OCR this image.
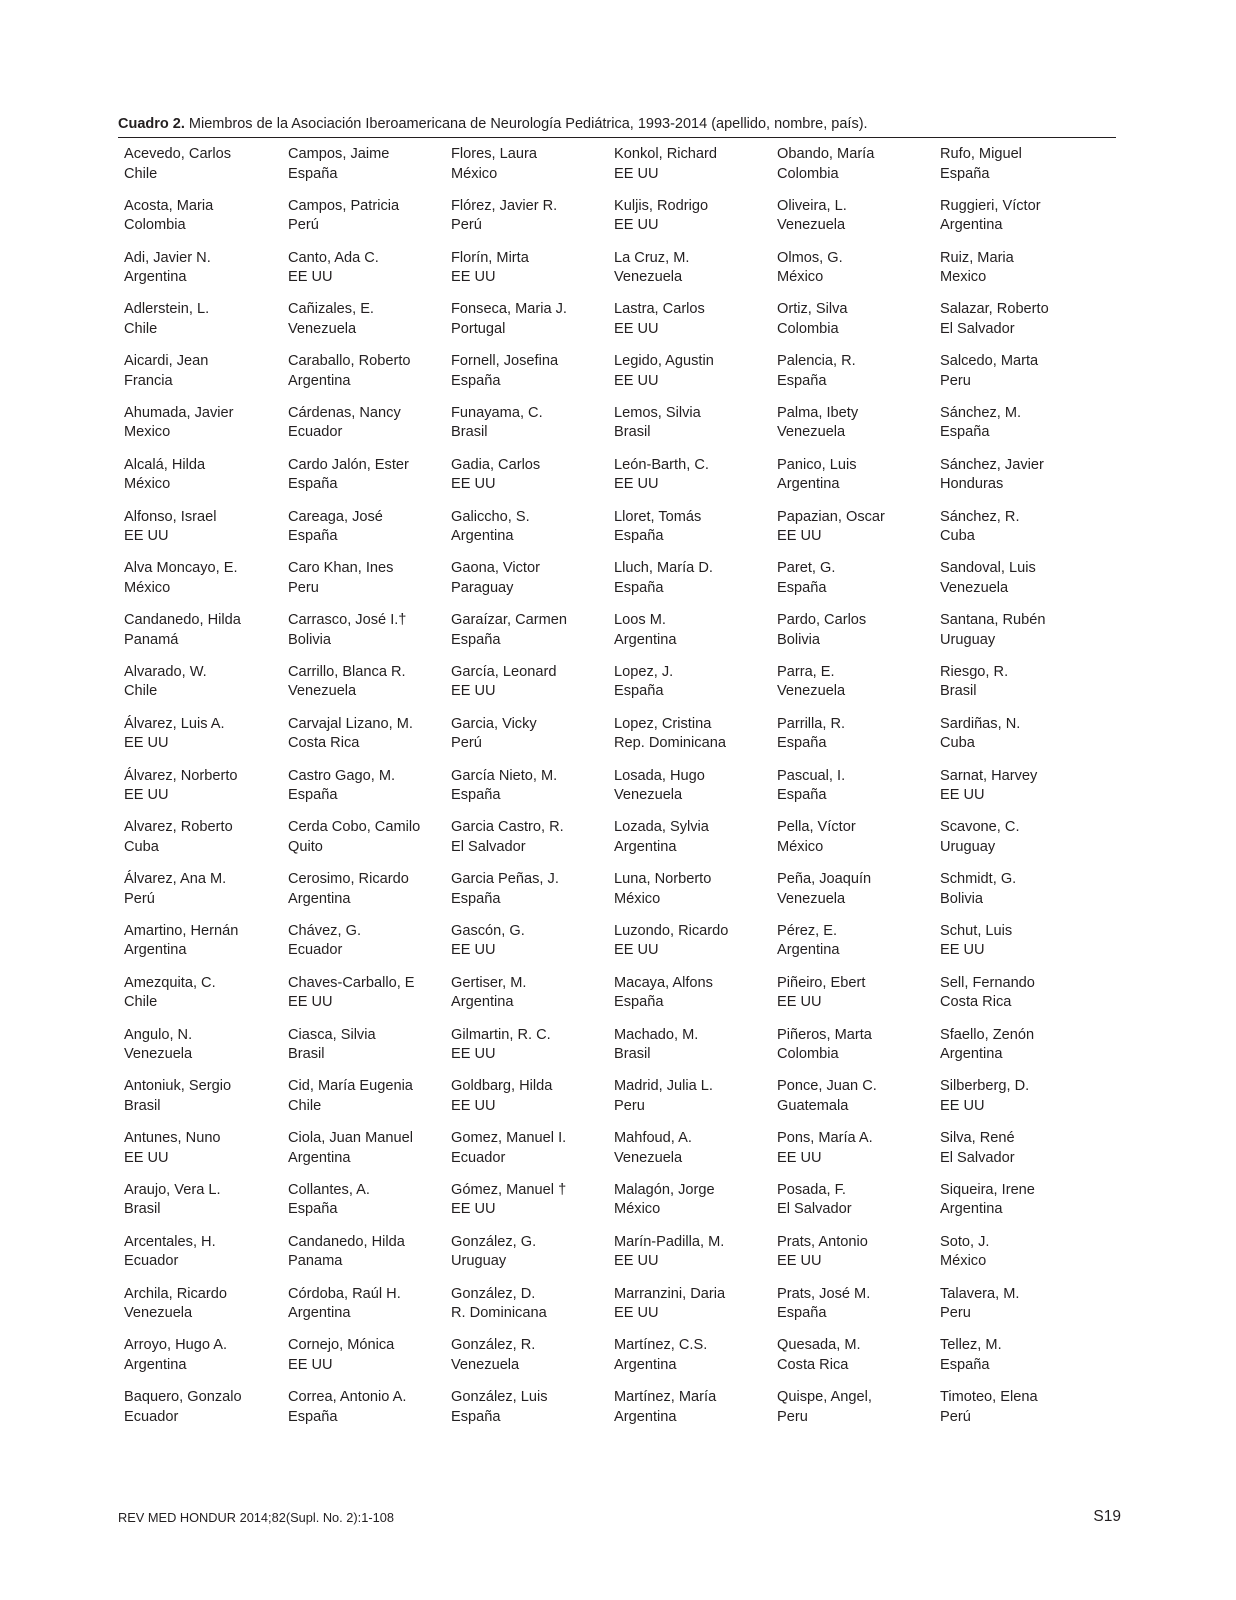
Cuadro 2. Miembros de la Asociación Iberoamericana de Neurología Pediátrica, 1993-2014 (apellido, nombre, país).
Acevedo, Carlos
Chile
Acosta, Maria
Colombia
Adi, Javier N.
Argentina
Adlerstein, L.
Chile
Aicardi, Jean
Francia
Ahumada, Javier
Mexico
Alcalá, Hilda
México
Alfonso, Israel
EE UU
Alva Moncayo, E.
México
Candanedo, Hilda
Panamá
Alvarado, W.
Chile
Álvarez, Luis A.
EE UU
Álvarez, Norberto
EE UU
Alvarez, Roberto
Cuba
Álvarez, Ana M.
Perú
Amartino, Hernán
Argentina
Amezquita, C.
Chile
Angulo, N.
Venezuela
Antoniuk, Sergio
Brasil
Antunes, Nuno
EE UU
Araujo, Vera L.
Brasil
Arcentales, H.
Ecuador
Archila, Ricardo
Venezuela
Arroyo, Hugo A.
Argentina
Baquero, Gonzalo
Ecuador
Campos, Jaime
España
Campos, Patricia
Perú
Canto, Ada C.
EE UU
Cañizales, E.
Venezuela
Caraballo, Roberto
Argentina
Cárdenas, Nancy
Ecuador
Cardo Jalón, Ester
España
Careaga, José
España
Caro Khan, Ines
Peru
Carrasco, José I.†
Bolivia
Carrillo, Blanca R.
Venezuela
Carvajal Lizano, M.
Costa Rica
Castro Gago, M.
España
Cerda Cobo, Camilo
Quito
Cerosimo, Ricardo
Argentina
Chávez, G.
Ecuador
Chaves-Carballo, E
EE UU
Ciasca, Silvia
Brasil
Cid, María Eugenia
Chile
Ciola, Juan Manuel
Argentina
Collantes, A.
España
Candanedo, Hilda
Panama
Córdoba, Raúl H.
Argentina
Cornejo, Mónica
EE UU
Correa, Antonio A.
España
Flores, Laura
México
Flórez, Javier R.
Perú
Florín, Mirta
EE UU
Fonseca, Maria J.
Portugal
Fornell, Josefina
España
Funayama, C.
Brasil
Gadia, Carlos
EE UU
Galiccho, S.
Argentina
Gaona, Victor
Paraguay
Garaízar, Carmen
España
García, Leonard
EE UU
Garcia, Vicky
Perú
García Nieto, M.
España
Garcia Castro, R.
El Salvador
Garcia Peñas, J.
España
Gascón, G.
EE UU
Gertiser, M.
Argentina
Gilmartin, R. C.
EE UU
Goldbarg, Hilda
EE UU
Gomez, Manuel I.
Ecuador
Gómez, Manuel †
EE UU
González, G.
Uruguay
González, D.
R. Dominicana
González, R.
Venezuela
González, Luis
España
Konkol, Richard
EE UU
Kuljis, Rodrigo
EE UU
La Cruz, M.
Venezuela
Lastra, Carlos
EE UU
Legido, Agustin
EE UU
Lemos, Silvia
Brasil
León-Barth, C.
EE UU
Lloret, Tomás
España
Lluch, María D.
España
Loos M.
Argentina
Lopez, J.
España
Lopez, Cristina
Rep. Dominicana
Losada, Hugo
Venezuela
Lozada, Sylvia
Argentina
Luna, Norberto
México
Luzondo, Ricardo
EE UU
Macaya, Alfons
España
Machado, M.
Brasil
Madrid, Julia L.
Peru
Mahfoud, A.
Venezuela
Malagón, Jorge
México
Marín-Padilla, M.
EE UU
Marranzini, Daria
EE UU
Martínez, C.S.
Argentina
Martínez, María
Argentina
Obando, María
Colombia
Oliveira, L.
Venezuela
Olmos, G.
México
Ortiz, Silva
Colombia
Palencia, R.
España
Palma, Ibety
Venezuela
Panico, Luis
Argentina
Papazian, Oscar
EE UU
Paret, G.
España
Pardo, Carlos
Bolivia
Parra, E.
Venezuela
Parrilla, R.
España
Pascual, I.
España
Pella, Víctor
México
Peña, Joaquín
Venezuela
Pérez, E.
Argentina
Piñeiro, Ebert
EE UU
Piñeros, Marta
Colombia
Ponce, Juan C.
Guatemala
Pons, María A.
EE UU
Posada, F.
El Salvador
Prats, Antonio
EE UU
Prats, José M.
España
Quesada, M.
Costa Rica
Quispe, Angel,
Peru
Rufo, Miguel
España
Ruggieri, Víctor
Argentina
Ruiz, Maria
Mexico
Salazar, Roberto
El Salvador
Salcedo, Marta
Peru
Sánchez, M.
España
Sánchez, Javier
Honduras
Sánchez, R.
Cuba
Sandoval, Luis
Venezuela
Santana, Rubén
Uruguay
Riesgo, R.
Brasil
Sardiñas, N.
Cuba
Sarnat, Harvey
EE UU
Scavone, C.
Uruguay
Schmidt, G.
Bolivia
Schut, Luis
EE UU
Sell, Fernando
Costa Rica
Sfaello, Zenón
Argentina
Silberberg, D.
EE UU
Silva, René
El Salvador
Siqueira, Irene
Argentina
Soto, J.
México
Talavera, M.
Peru
Tellez, M.
España
Timoteo, Elena
Perú
REV MED HONDUR 2014;82(Supl. No. 2):1-108	S19
